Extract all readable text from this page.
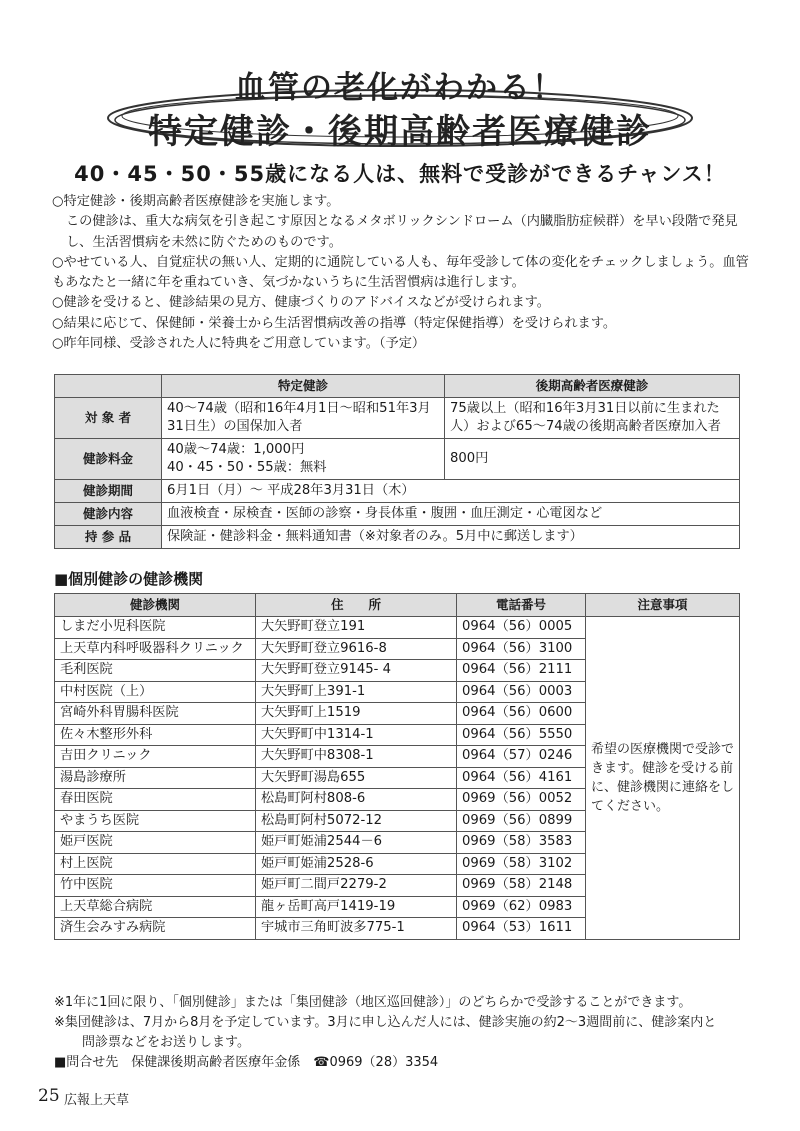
血管の老化がわかる！
特定健診・後期高齢者医療健診
40・45・50・55歳になる人は、無料で受診ができるチャンス！

○特定健診・後期高齢者医療健診を実施します。

この健診は、重大な病気を引き起こす原因となるメタボリックシンドローム（内臓脂肪症候群）を早い段階で発見し、生活習慣病を未然に防ぐためのものです。

○やせている人、自覚症状の無い人、定期的に通院している人も、毎年受診して体の変化をチェックしましょう。血管もあなたと一緒に年を重ねていき、気づかないうちに生活習慣病は進行します。

○健診を受けると、健診結果の見方、健康づくりのアドバイスなどが受けられます。

○結果に応じて、保健師・栄養士から生活習慣病改善の指導（特定保健指導）を受けられます。

○昨年同様、受診された人に特典をご用意しています。（予定）

	特定健診	後期高齢者医療健診
対 象 者	40～74歳（昭和16年4月1日～昭和51年3月31日生）の国保加入者	75歳以上（昭和16年3月31日以前に生まれた人）および65～74歳の後期高齢者医療加入者
健診料金	40歳～74歳：1,000円
40・45・50・55歳：無料	800円
健診期間	6月1日（月）～ 平成28年3月31日（木）	
健診内容	血液検査・尿検査・医師の診察・身長体重・腹囲・血圧測定・心電図など	
持 参 品	保険証・健診料金・無料通知書（※対象者のみ。5月中に郵送します）	
■個別健診の健診機関
健診機関	住　　所	電話番号	注意事項
しまだ小児科医院	大矢野町登立191	0964（56）0005	希望の医療機関で受診できます。健診を受ける前に、健診機関に連絡をしてください。
上天草内科呼吸器科クリニック	大矢野町登立9616-8	0964（56）3100	
毛利医院	大矢野町登立9145- 4	0964（56）2111	
中村医院（上）	大矢野町上391-1	0964（56）0003	
宮崎外科胃腸科医院	大矢野町上1519	0964（56）0600	
佐々木整形外科	大矢野町中1314-1	0964（56）5550	
吉田クリニック	大矢野町中8308-1	0964（57）0246	
湯島診療所	大矢野町湯島655	0964（56）4161	
春田医院	松島町阿村808-6	0969（56）0052	
やまうち医院	松島町阿村5072-12	0969（56）0899	
姫戸医院	姫戸町姫浦2544－6	0969（58）3583	
村上医院	姫戸町姫浦2528-6	0969（58）3102	
竹中医院	姫戸町二間戸2279-2	0969（58）2148	
上天草総合病院	龍ヶ岳町高戸1419-19	0969（62）0983	
済生会みすみ病院	宇城市三角町波多775-1	0964（53）1611	

※1年に1回に限り、「個別健診」または「集団健診（地区巡回健診）」のどちらかで受診することができます。

※集団健診は、7月から8月を予定しています。3月に申し込んだ人には、健診実施の約2～3週間前に、健診案内と

問診票などをお送りします。

■問合せ先　保健課後期高齢者医療年金係　☎0969（28）3354

25 広報上天草
